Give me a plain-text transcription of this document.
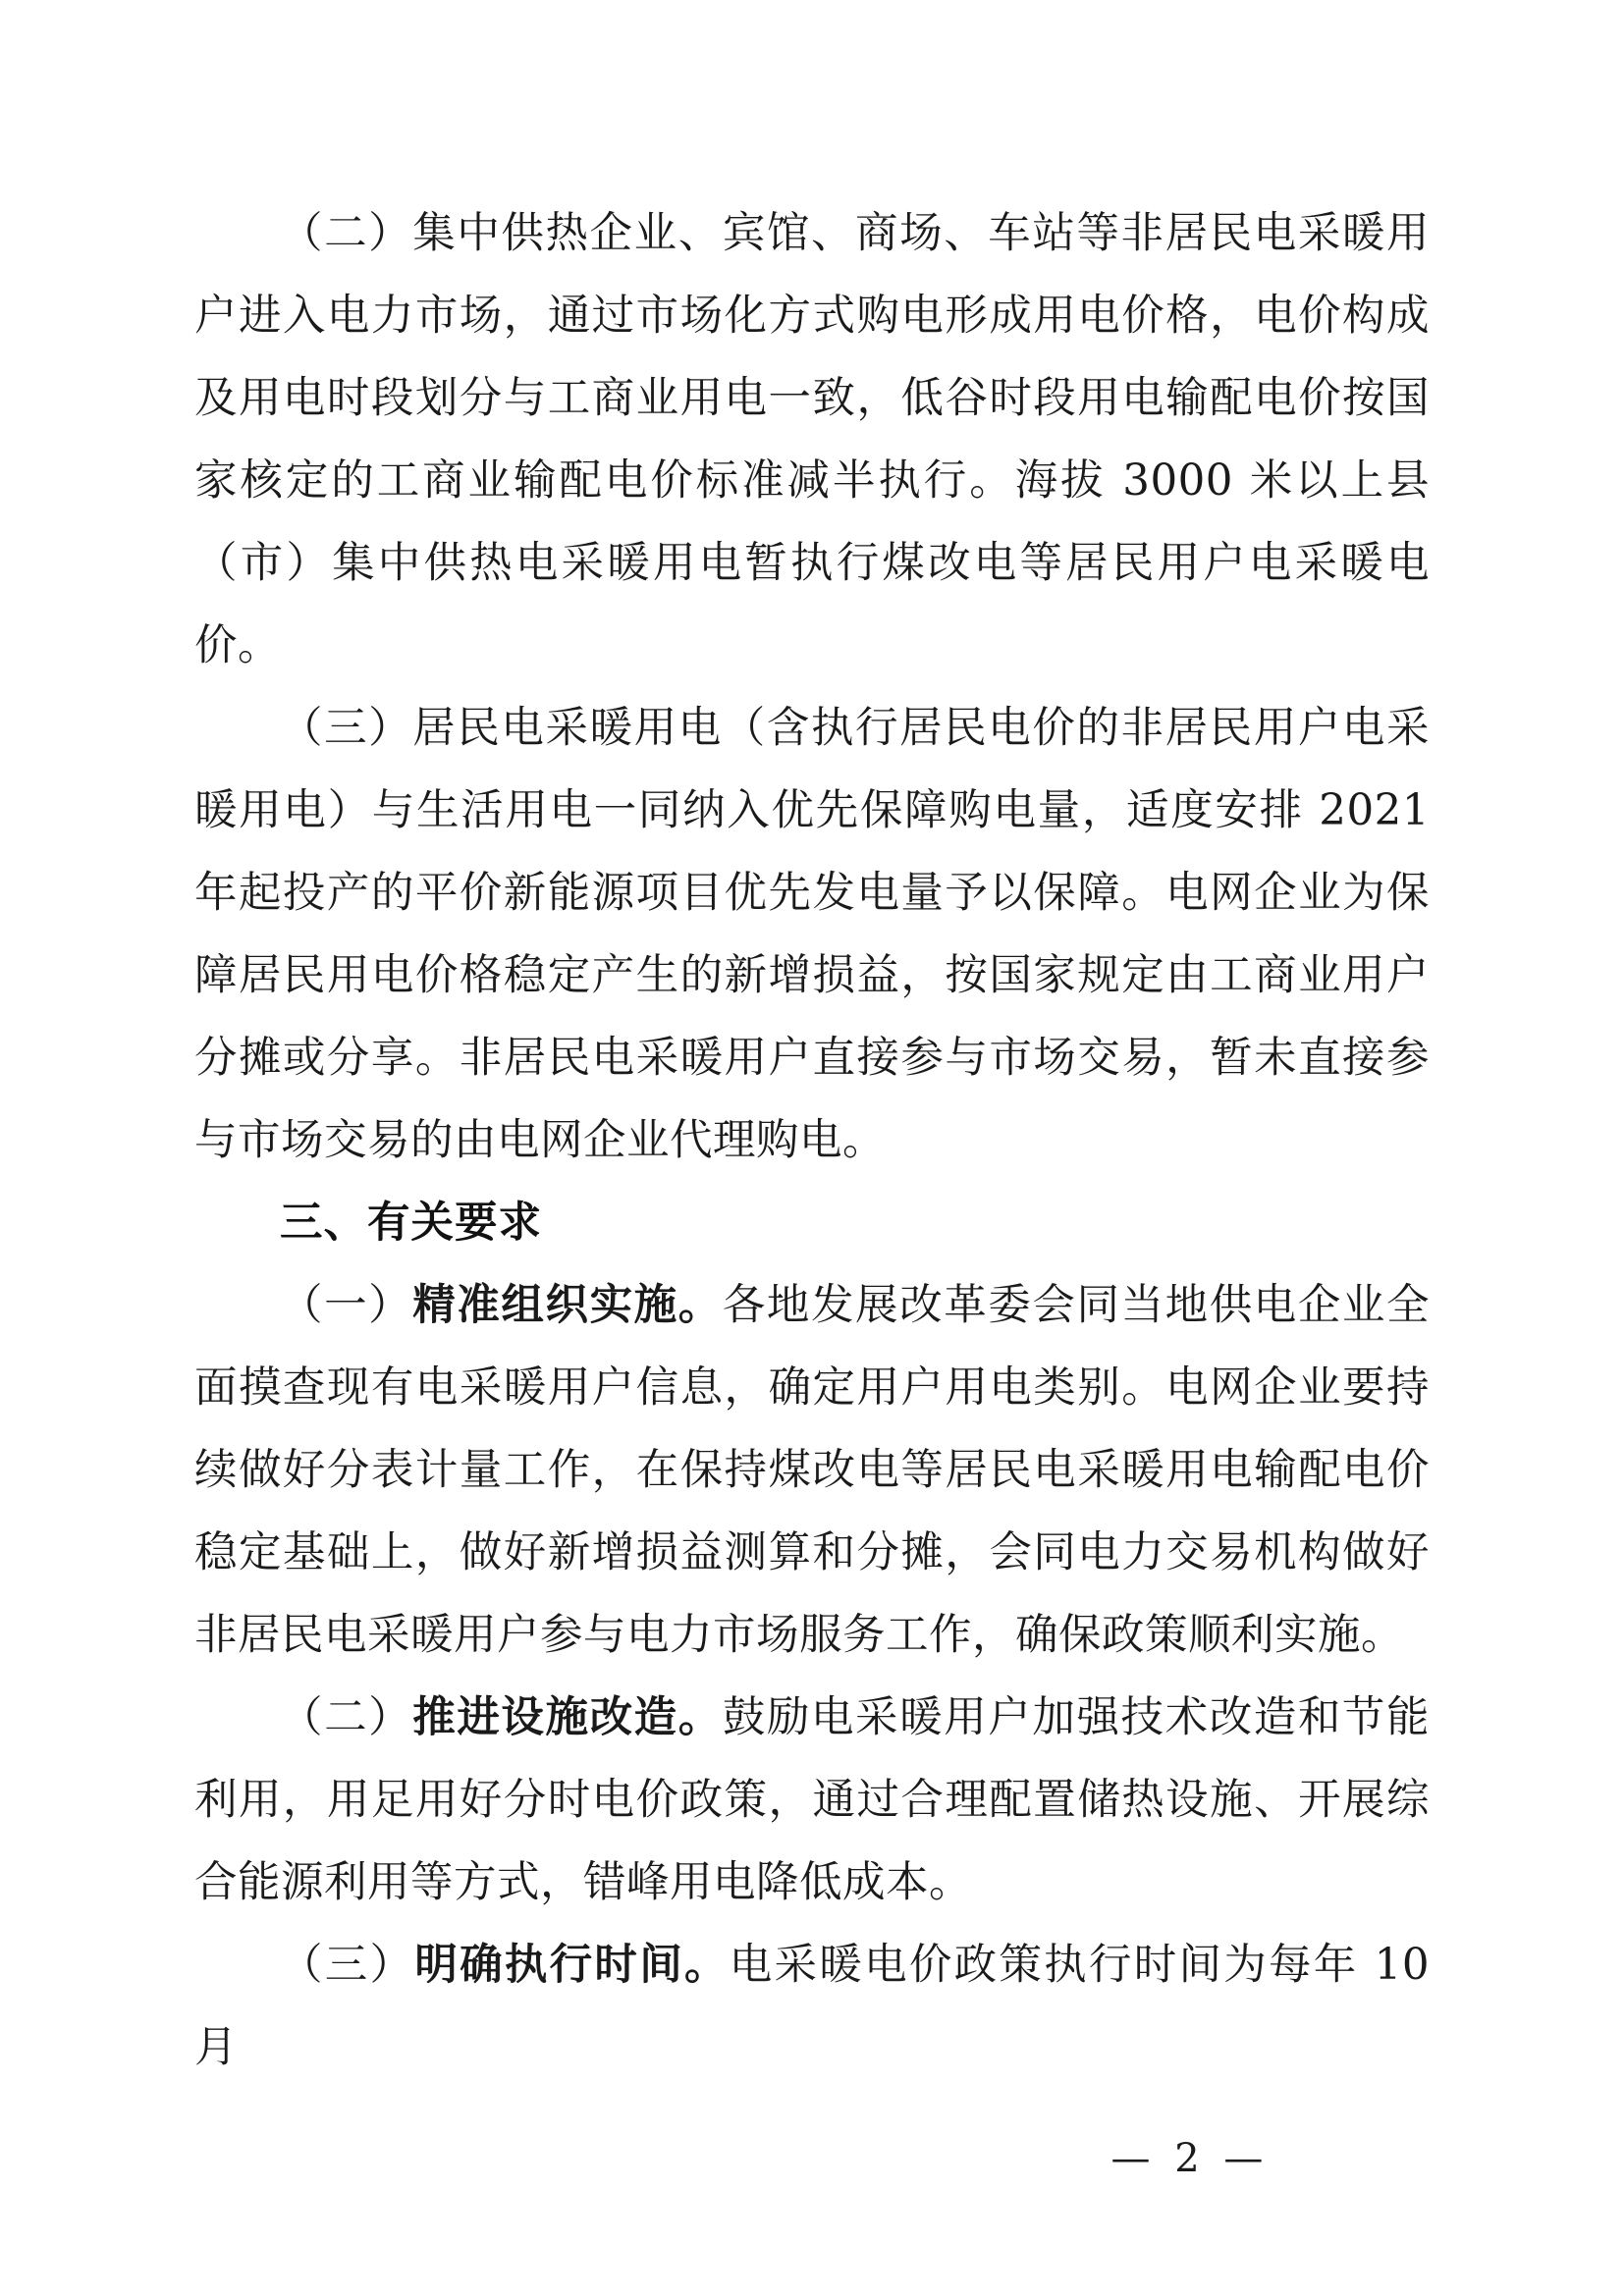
（二）集中供热企业、宾馆、商场、车站等非居民电采暖用户进入电力市场，通过市场化方式购电形成用电价格，电价构成及用电时段划分与工商业用电一致，低谷时段用电输配电价按国家核定的工商业输配电价标准减半执行。海拔 3000 米以上县（市）集中供热电采暖用电暂执行煤改电等居民用户电采暖电价。

（三）居民电采暖用电（含执行居民电价的非居民用户电采暖用电）与生活用电一同纳入优先保障购电量，适度安排 2021 年起投产的平价新能源项目优先发电量予以保障。电网企业为保障居民用电价格稳定产生的新增损益，按国家规定由工商业用户分摊或分享。非居民电采暖用户直接参与市场交易，暂未直接参与市场交易的由电网企业代理购电。

三、有关要求

（一）精准组织实施。各地发展改革委会同当地供电企业全面摸查现有电采暖用户信息，确定用户用电类别。电网企业要持续做好分表计量工作，在保持煤改电等居民电采暖用电输配电价稳定基础上，做好新增损益测算和分摊，会同电力交易机构做好非居民电采暖用户参与电力市场服务工作，确保政策顺利实施。

（二）推进设施改造。鼓励电采暖用户加强技术改造和节能利用，用足用好分时电价政策，通过合理配置储热设施、开展综合能源利用等方式，错峰用电降低成本。

（三）明确执行时间。电采暖电价政策执行时间为每年 10 月

— 2 —
